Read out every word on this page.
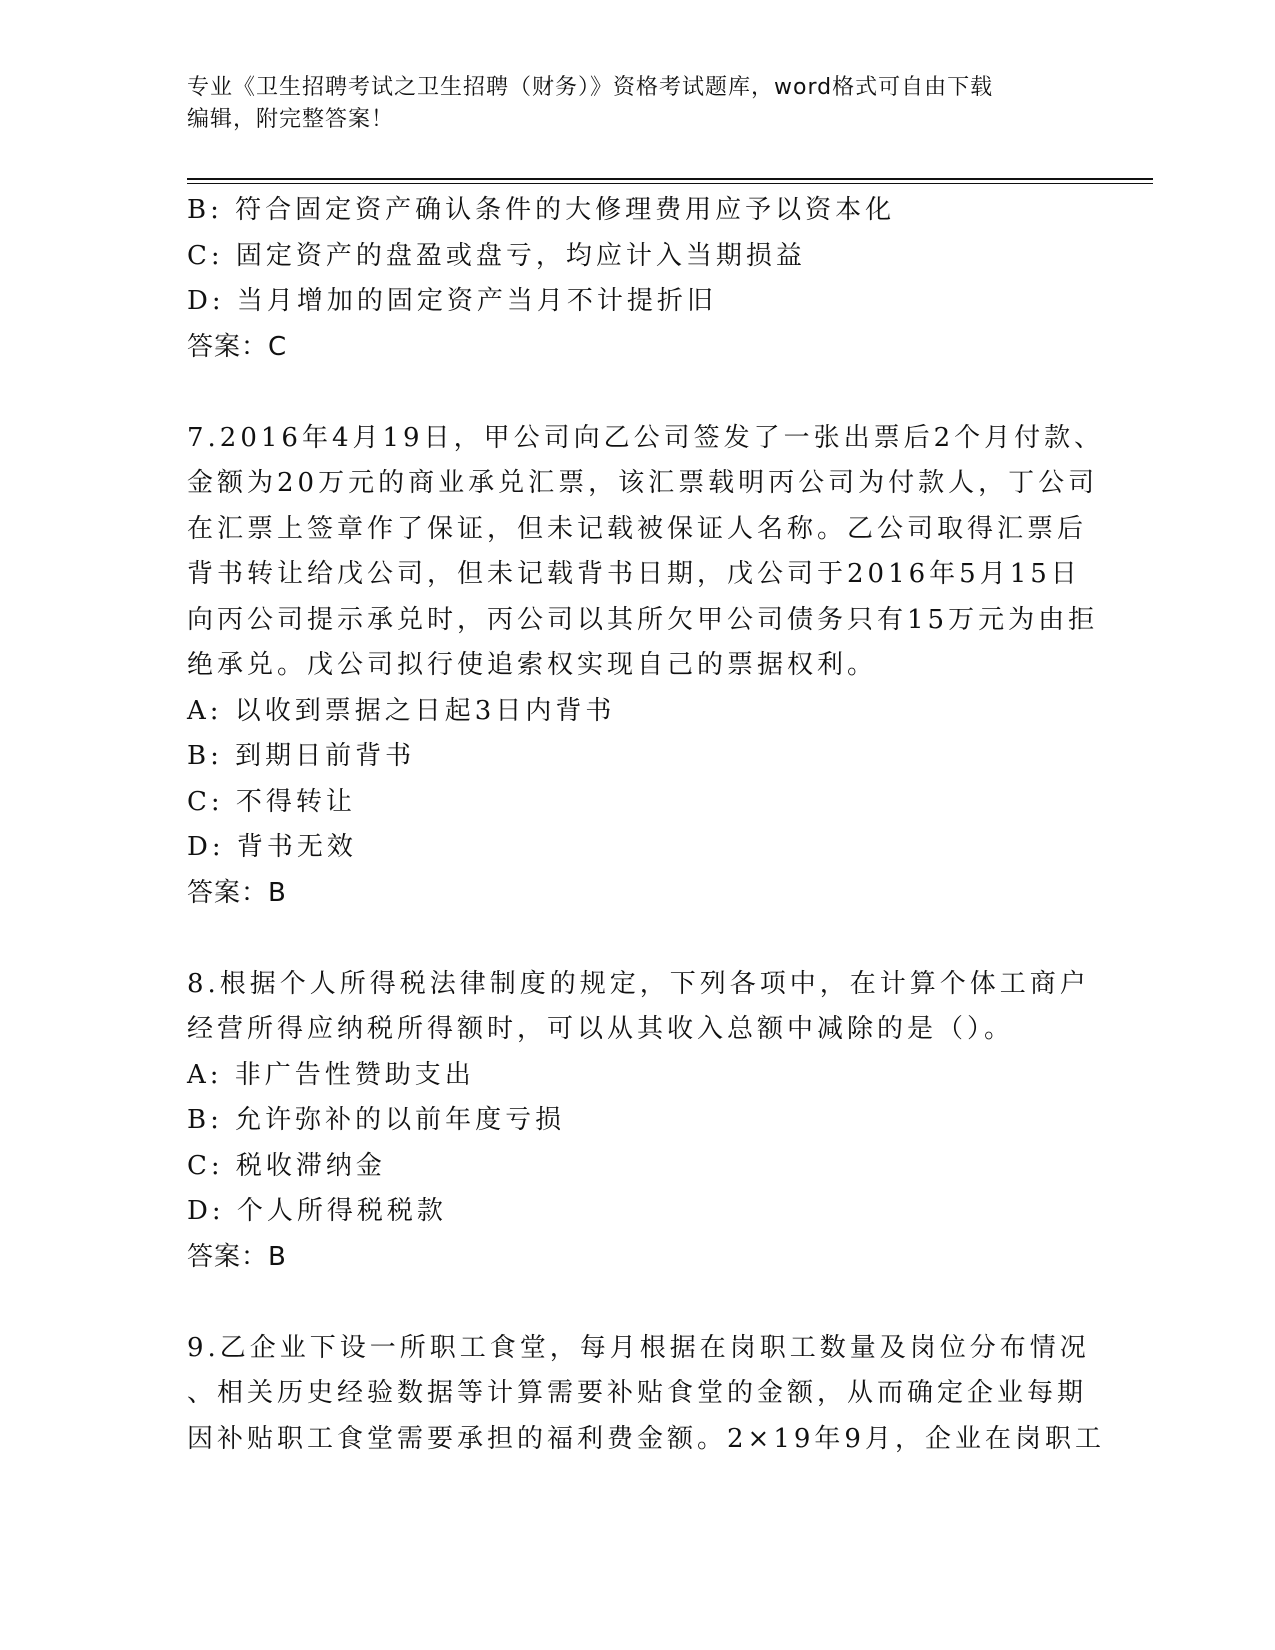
专业《卫生招聘考试之卫生招聘（财务）》资格考试题库，word格式可自由下载
编辑，附完整答案！
B: 符合固定资产确认条件的大修理费用应予以资本化
C: 固定资产的盘盈或盘亏，均应计入当期损益
D: 当月增加的固定资产当月不计提折旧
答案：C
7.2016年4月19日，甲公司向乙公司签发了一张出票后2个月付款、
金额为20万元的商业承兑汇票，该汇票载明丙公司为付款人，丁公司
在汇票上签章作了保证，但未记载被保证人名称。乙公司取得汇票后
背书转让给戊公司，但未记载背书日期，戊公司于2016年5月15日
向丙公司提示承兑时，丙公司以其所欠甲公司债务只有15万元为由拒
绝承兑。戊公司拟行使追索权实现自己的票据权利。
A: 以收到票据之日起3日内背书
B: 到期日前背书
C: 不得转让
D: 背书无效
答案：B
8.根据个人所得税法律制度的规定，下列各项中，在计算个体工商户
经营所得应纳税所得额时，可以从其收入总额中减除的是（）。
A: 非广告性赞助支出
B: 允许弥补的以前年度亏损
C: 税收滞纳金
D: 个人所得税税款
答案：B
9.乙企业下设一所职工食堂，每月根据在岗职工数量及岗位分布情况
、相关历史经验数据等计算需要补贴食堂的金额，从而确定企业每期
因补贴职工食堂需要承担的福利费金额。2×19年9月，企业在岗职工
